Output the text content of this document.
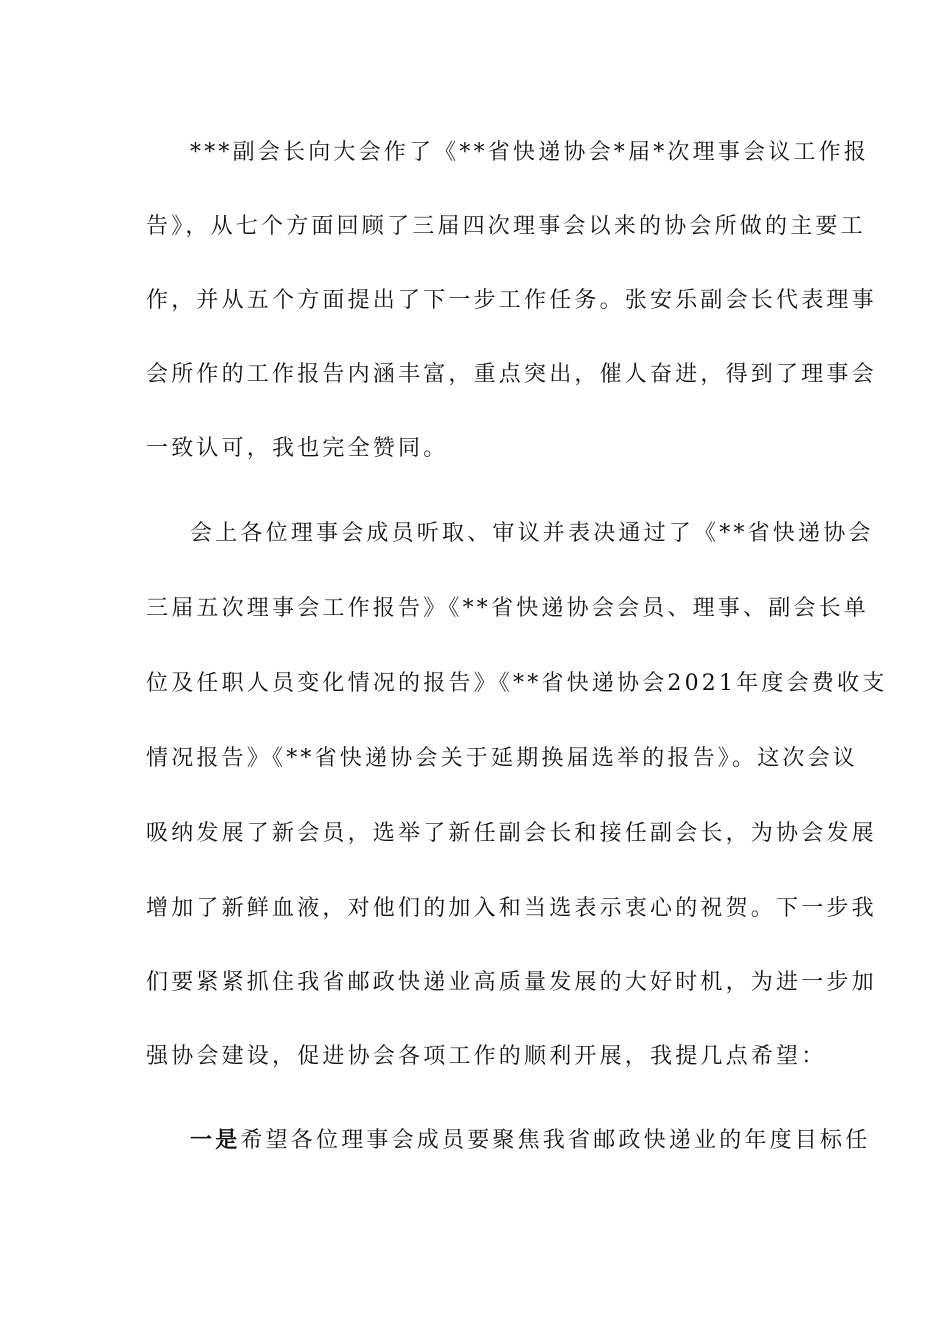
***副会长向大会作了《**省快递协会*届*次理事会议工作报
告》，从七个方面回顾了三届四次理事会以来的协会所做的主要工
作，并从五个方面提出了下一步工作任务。张安乐副会长代表理事
会所作的工作报告内涵丰富，重点突出，催人奋进，得到了理事会
一致认可，我也完全赞同。
会上各位理事会成员听取、审议并表决通过了《**省快递协会
三届五次理事会工作报告》《**省快递协会会员、理事、副会长单
位及任职人员变化情况的报告》《**省快递协会2021年度会费收支
情况报告》《**省快递协会关于延期换届选举的报告》。这次会议
吸纳发展了新会员，选举了新任副会长和接任副会长，为协会发展
增加了新鲜血液，对他们的加入和当选表示衷心的祝贺。下一步我
们要紧紧抓住我省邮政快递业高质量发展的大好时机，为进一步加
强协会建设，促进协会各项工作的顺利开展，我提几点希望：
一是希望各位理事会成员要聚焦我省邮政快递业的年度目标任
